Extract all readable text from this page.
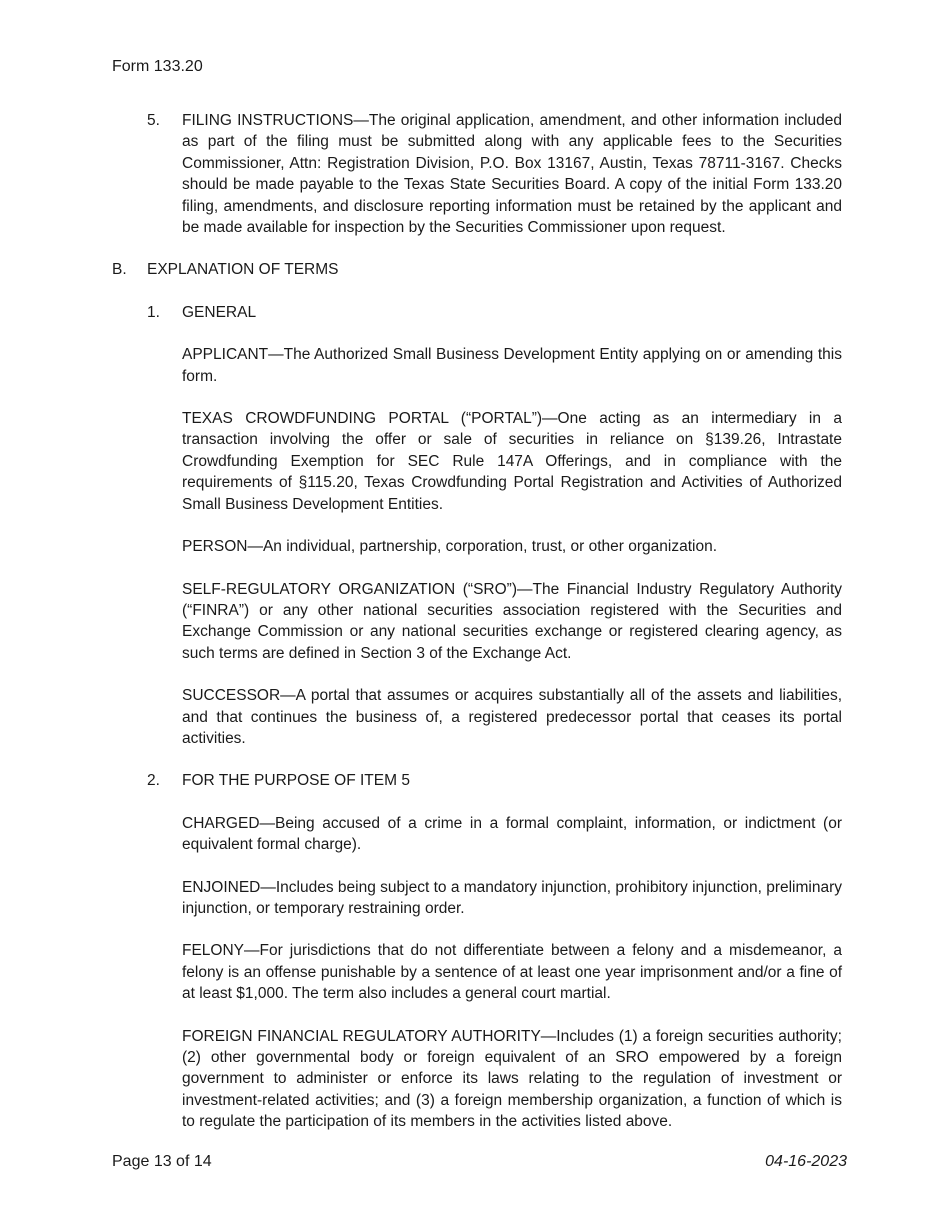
Form 133.20
5. FILING INSTRUCTIONS—The original application, amendment, and other information included as part of the filing must be submitted along with any applicable fees to the Securities Commissioner, Attn: Registration Division, P.O. Box 13167, Austin, Texas 78711-3167. Checks should be made payable to the Texas State Securities Board. A copy of the initial Form 133.20 filing, amendments, and disclosure reporting information must be retained by the applicant and be made available for inspection by the Securities Commissioner upon request.

B. EXPLANATION OF TERMS
1. GENERAL

APPLICANT—The Authorized Small Business Development Entity applying on or amending this form.

TEXAS CROWDFUNDING PORTAL (“PORTAL”)—One acting as an intermediary in a transaction involving the offer or sale of securities in reliance on §139.26, Intrastate Crowdfunding Exemption for SEC Rule 147A Offerings, and in compliance with the requirements of §115.20, Texas Crowdfunding Portal Registration and Activities of Authorized Small Business Development Entities.

PERSON—An individual, partnership, corporation, trust, or other organization.

SELF-REGULATORY ORGANIZATION (“SRO”)—The Financial Industry Regulatory Authority (“FINRA”) or any other national securities association registered with the Securities and Exchange Commission or any national securities exchange or registered clearing agency, as such terms are defined in Section 3 of the Exchange Act.

SUCCESSOR—A portal that assumes or acquires substantially all of the assets and liabilities, and that continues the business of, a registered predecessor portal that ceases its portal activities.

2. FOR THE PURPOSE OF ITEM 5

CHARGED—Being accused of a crime in a formal complaint, information, or indictment (or equivalent formal charge).

ENJOINED—Includes being subject to a mandatory injunction, prohibitory injunction, preliminary injunction, or temporary restraining order.

FELONY—For jurisdictions that do not differentiate between a felony and a misdemeanor, a felony is an offense punishable by a sentence of at least one year imprisonment and/or a fine of at least $1,000. The term also includes a general court martial.

FOREIGN FINANCIAL REGULATORY AUTHORITY—Includes (1) a foreign securities authority; (2) other governmental body or foreign equivalent of an SRO empowered by a foreign government to administer or enforce its laws relating to the regulation of investment or investment-related activities; and (3) a foreign membership organization, a function of which is to regulate the participation of its members in the activities listed above.

Page 13 of 14	04-16-2023
